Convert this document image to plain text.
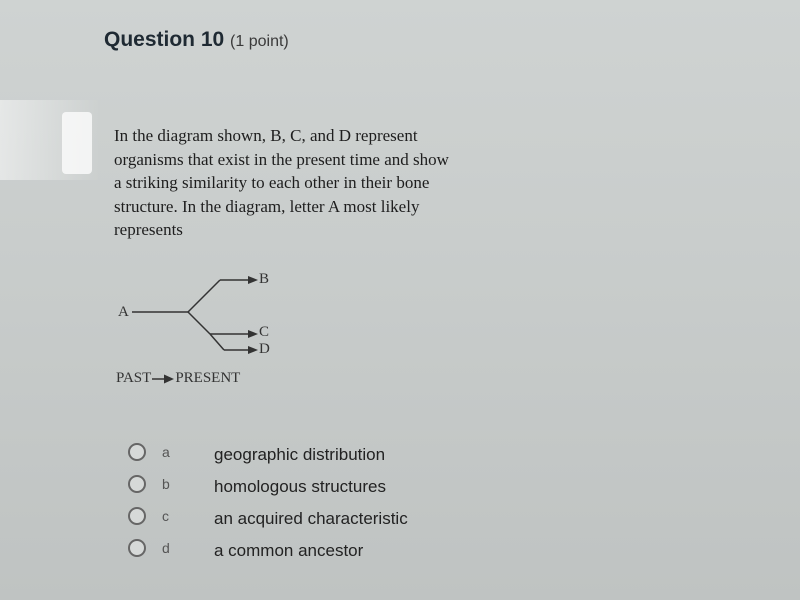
Question 10 (1 point)
In the diagram shown, B, C, and D represent
organisms that exist in the present time and show
a striking similarity to each other in their bone
structure. In the diagram, letter A most likely
represents
A
B
C
D
PAST PRESENT
a	geographic distribution
b	homologous structures
c	an acquired characteristic
d	a common ancestor
